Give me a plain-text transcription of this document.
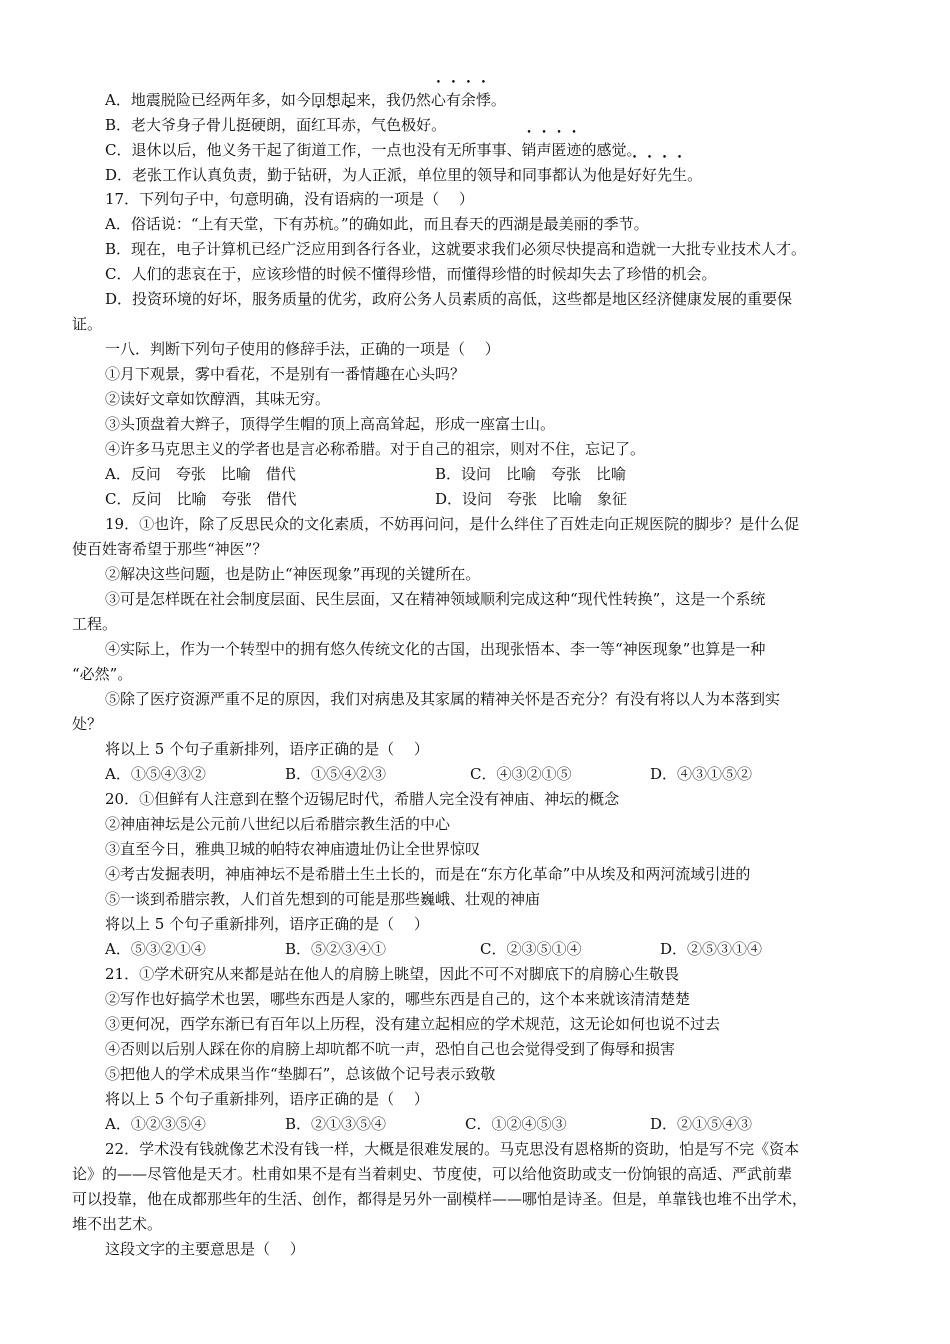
A．地震脱险已经两年多，如今回想起来，我仍然心有余悸。
B．老大爷身子骨儿挺硬朗，面红耳赤，气色极好。
C．退休以后，他义务干起了街道工作，一点也没有无所事事、销声匿迹的感觉。
D．老张工作认真负责，勤于钻研，为人正派，单位里的领导和同事都认为他是好好先生。
17．下列句子中，句意明确，没有语病的一项是（　 ）
A．俗话说：“上有天堂，下有苏杭。”的确如此，而且春天的西湖是最美丽的季节。
B．现在，电子计算机已经广泛应用到各行各业，这就要求我们必须尽快提高和造就一大批专业技术人才。
C．人们的悲哀在于，应该珍惜的时候不懂得珍惜，而懂得珍惜的时候却失去了珍惜的机会。
D．投资环境的好坏，服务质量的优劣，政府公务人员素质的高低，这些都是地区经济健康发展的重要保
证。
一八．判断下列句子使用的修辞手法，正确的一项是（　 ）
①月下观景，雾中看花，不是别有一番情趣在心头吗？
②读好文章如饮醇酒，其味无穷。
③头顶盘着大辫子，顶得学生帽的顶上高高耸起，形成一座富士山。
④许多马克思主义的学者也是言必称希腊。对于自己的祖宗，则对不住，忘记了。
A．反问　夸张　比喻　借代	B．设问　比喻　夸张　比喻
C．反问　比喻　夸张　借代	D．设问　夸张　比喻　象征
19．①也许，除了反思民众的文化素质，不妨再问问，是什么绊住了百姓走向正规医院的脚步？是什么促
使百姓寄希望于那些“神医”？
②解决这些问题，也是防止“神医现象”再现的关键所在。
③可是怎样既在社会制度层面、民生层面，又在精神领域顺利完成这种“现代性转换”，这是一个系统
工程。
④实际上，作为一个转型中的拥有悠久传统文化的古国，出现张悟本、李一等“神医现象”也算是一种
“必然”。
⑤除了医疗资源严重不足的原因，我们对病患及其家属的精神关怀是否充分？有没有将以人为本落到实
处？
将以上 5 个句子重新排列，语序正确的是（　 ）
A．①⑤④③②	B．①⑤④②③	C．④③②①⑤	D．④③①⑤②
20．①但鲜有人注意到在整个迈锡尼时代，希腊人完全没有神庙、神坛的概念
②神庙神坛是公元前八世纪以后希腊宗教生活的中心
③直至今日，雅典卫城的帕特农神庙遗址仍让全世界惊叹
④考古发掘表明，神庙神坛不是希腊土生土长的，而是在“东方化革命”中从埃及和两河流域引进的
⑤一谈到希腊宗教，人们首先想到的可能是那些巍峨、壮观的神庙
将以上 5 个句子重新排列，语序正确的是（　 ）
A．⑤③②①④	B．⑤②③④①	C．②③⑤①④	D．②⑤③①④
21．①学术研究从来都是站在他人的肩膀上眺望，因此不可不对脚底下的肩膀心生敬畏
②写作也好搞学术也罢，哪些东西是人家的，哪些东西是自己的，这个本来就该清清楚楚
③更何况，西学东渐已有百年以上历程，没有建立起相应的学术规范，这无论如何也说不过去
④否则以后别人踩在你的肩膀上却吭都不吭一声，恐怕自己也会觉得受到了侮辱和损害
⑤把他人的学术成果当作“垫脚石”，总该做个记号表示致敬
将以上 5 个句子重新排列，语序正确的是（　 ）
A．①②③⑤④	B．②①③⑤④	C．①②④⑤③	D．②①⑤④③
22．学术没有钱就像艺术没有钱一样，大概是很难发展的。马克思没有恩格斯的资助，怕是写不完《资本
论》的——尽管他是天才。杜甫如果不是有当着刺史、节度使，可以给他资助或支一份饷银的高适、严武前辈
可以投靠，他在成都那些年的生活、创作，都得是另外一副模样——哪怕是诗圣。但是，单靠钱也堆不出学术，
堆不出艺术。
这段文字的主要意思是（　 ）
